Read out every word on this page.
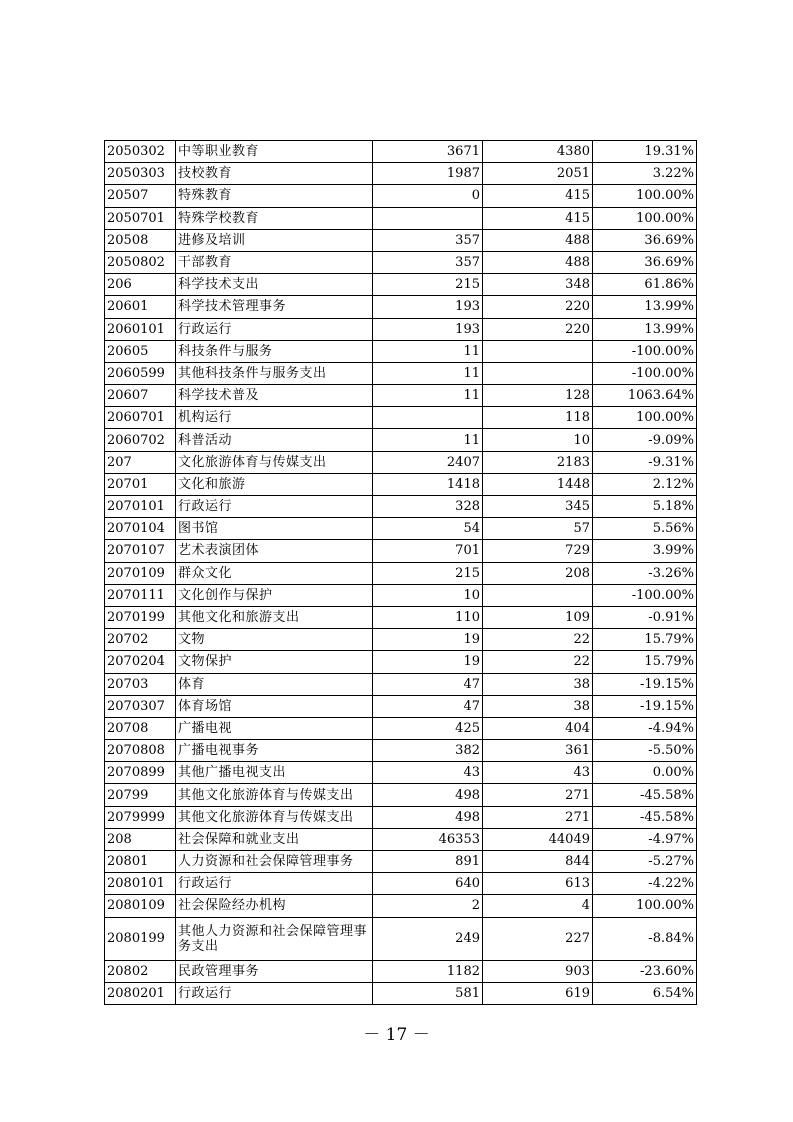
2050302	中等职业教育	3671	4380	19.31%
2050303	技校教育	1987	2051	3.22%
20507	特殊教育	0	415	100.00%
2050701	特殊学校教育		415	100.00%
20508	进修及培训	357	488	36.69%
2050802	干部教育	357	488	36.69%
206	科学技术支出	215	348	61.86%
20601	科学技术管理事务	193	220	13.99%
2060101	行政运行	193	220	13.99%
20605	科技条件与服务	11		-100.00%
2060599	其他科技条件与服务支出	11		-100.00%
20607	科学技术普及	11	128	1063.64%
2060701	机构运行		118	100.00%
2060702	科普活动	11	10	-9.09%
207	文化旅游体育与传媒支出	2407	2183	-9.31%
20701	文化和旅游	1418	1448	2.12%
2070101	行政运行	328	345	5.18%
2070104	图书馆	54	57	5.56%
2070107	艺术表演团体	701	729	3.99%
2070109	群众文化	215	208	-3.26%
2070111	文化创作与保护	10		-100.00%
2070199	其他文化和旅游支出	110	109	-0.91%
20702	文物	19	22	15.79%
2070204	文物保护	19	22	15.79%
20703	体育	47	38	-19.15%
2070307	体育场馆	47	38	-19.15%
20708	广播电视	425	404	-4.94%
2070808	广播电视事务	382	361	-5.50%
2070899	其他广播电视支出	43	43	0.00%
20799	其他文化旅游体育与传媒支出	498	271	-45.58%
2079999	其他文化旅游体育与传媒支出	498	271	-45.58%
208	社会保障和就业支出	46353	44049	-4.97%
20801	人力资源和社会保障管理事务	891	844	-5.27%
2080101	行政运行	640	613	-4.22%
2080109	社会保险经办机构	2	4	100.00%
2080199	其他人力资源和社会保障管理事务支出	249	227	-8.84%
20802	民政管理事务	1182	903	-23.60%
2080201	行政运行	581	619	6.54%
－ 17 －
